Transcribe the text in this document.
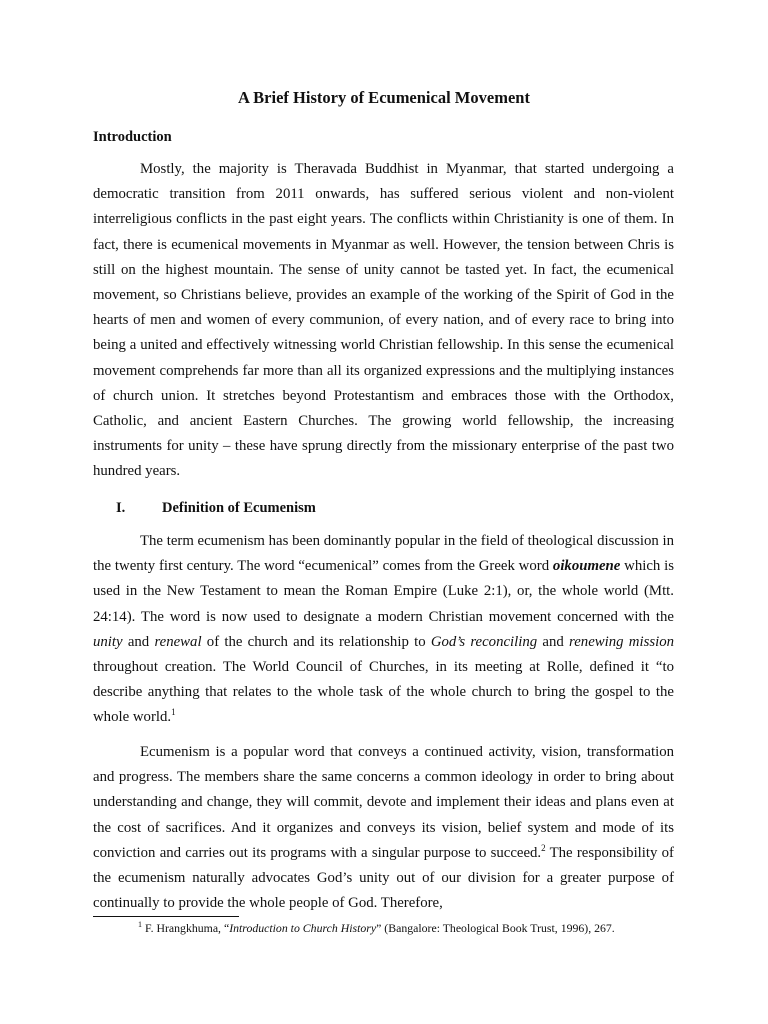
A Brief History of Ecumenical Movement
Introduction

Mostly, the majority is Theravada Buddhist in Myanmar, that started undergoing a democratic transition from 2011 onwards, has suffered serious violent and non-violent interreligious conflicts in the past eight years. The conflicts within Christianity is one of them. In fact, there is ecumenical movements in Myanmar as well. However, the tension between Chris is still on the highest mountain. The sense of unity cannot be tasted yet. In fact, the ecumenical movement, so Christians believe, provides an example of the working of the Spirit of God in the hearts of men and women of every communion, of every nation, and of every race to bring into being a united and effectively witnessing world Christian fellowship. In this sense the ecumenical movement comprehends far more than all its organized expressions and the multiplying instances of church union. It stretches beyond Protestantism and embraces those with the Orthodox, Catholic, and ancient Eastern Churches. The growing world fellowship, the increasing instruments for unity – these have sprung directly from the missionary enterprise of the past two hundred years.

I.	Definition of Ecumenism

The term ecumenism has been dominantly popular in the field of theological discussion in the twenty first century. The word “ecumenical” comes from the Greek word oikoumene which is used in the New Testament to mean the Roman Empire (Luke 2:1), or, the whole world (Mtt. 24:14). The word is now used to designate a modern Christian movement concerned with the unity and renewal of the church and its relationship to God’s reconciling and renewing mission throughout creation. The World Council of Churches, in its meeting at Rolle, defined it “to describe anything that relates to the whole task of the whole church to bring the gospel to the whole world.$^1$

Ecumenism is a popular word that conveys a continued activity, vision, transformation and progress. The members share the same concerns a common ideology in order to bring about understanding and change, they will commit, devote and implement their ideas and plans even at the cost of sacrifices. And it organizes and conveys its vision, belief system and mode of its conviction and carries out its programs with a singular purpose to succeed.$^2$ The responsibility of the ecumenism naturally advocates God’s unity out of our division for a greater purpose of continually to provide the whole people of God. Therefore,

$^1$ F. Hrangkhuma, “Introduction to Church History” (Bangalore: Theological Book Trust, 1996), 267.
